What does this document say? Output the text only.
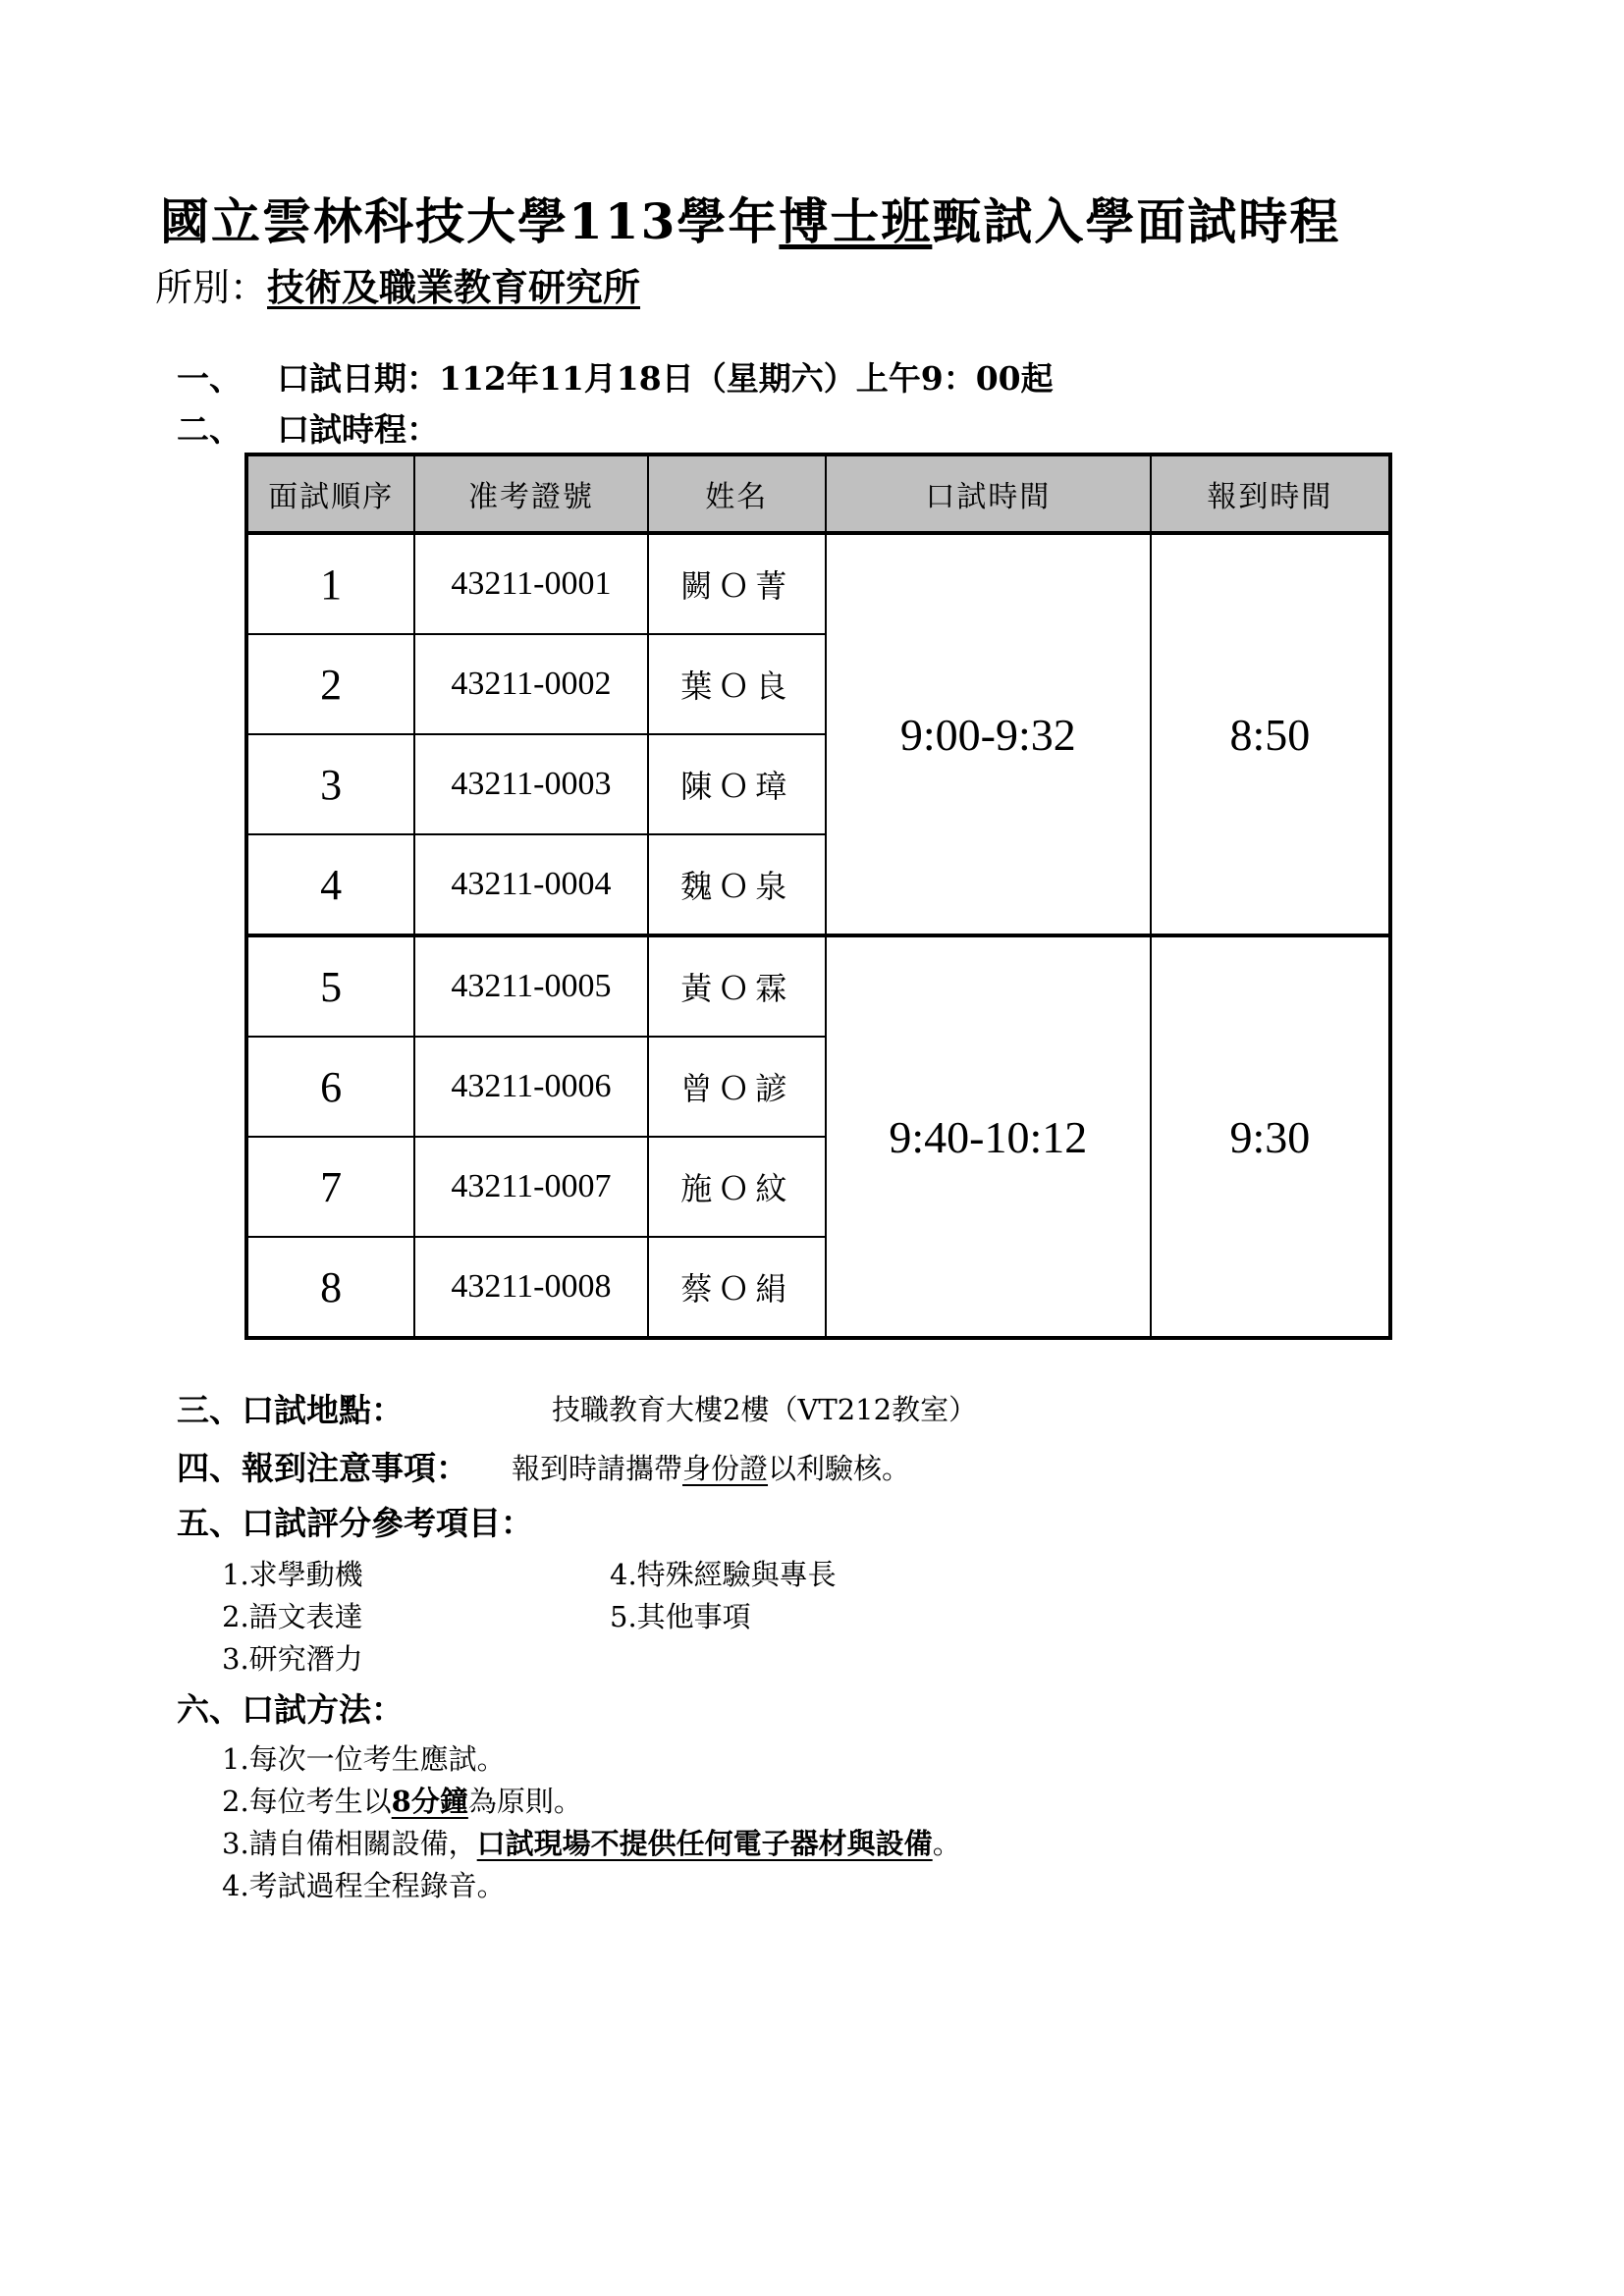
國立雲林科技大學113學年博士班甄試入學面試時程
所別：技術及職業教育研究所
一、 口試日期：112年11月18日（星期六）上午9：00起
二、 口試時程：
面試順序	准考證號	姓名	口試時間	報到時間
1	43211-0001	闕Ｏ菁	9:00-9:32	8:50
2	43211-0002	葉Ｏ良		
3	43211-0003	陳Ｏ璋		
4	43211-0004	魏Ｏ泉		
5	43211-0005	黃Ｏ霖	9:40-10:12	9:30
6	43211-0006	曾Ｏ諺		
7	43211-0007	施Ｏ紋		
8	43211-0008	蔡Ｏ絹		
三、口試地點：	技職教育大樓2樓（VT212教室）
四、報到注意事項： 報到時請攜帶身份證以利驗核。
五、口試評分參考項目：
1.求學動機
2.語文表達
3.研究潛力
4.特殊經驗與專長
5.其他事項
六、口試方法：
1.每次一位考生應試。
2.每位考生以8分鐘為原則。
3.請自備相關設備，口試現場不提供任何電子器材與設備。
4.考試過程全程錄音。
